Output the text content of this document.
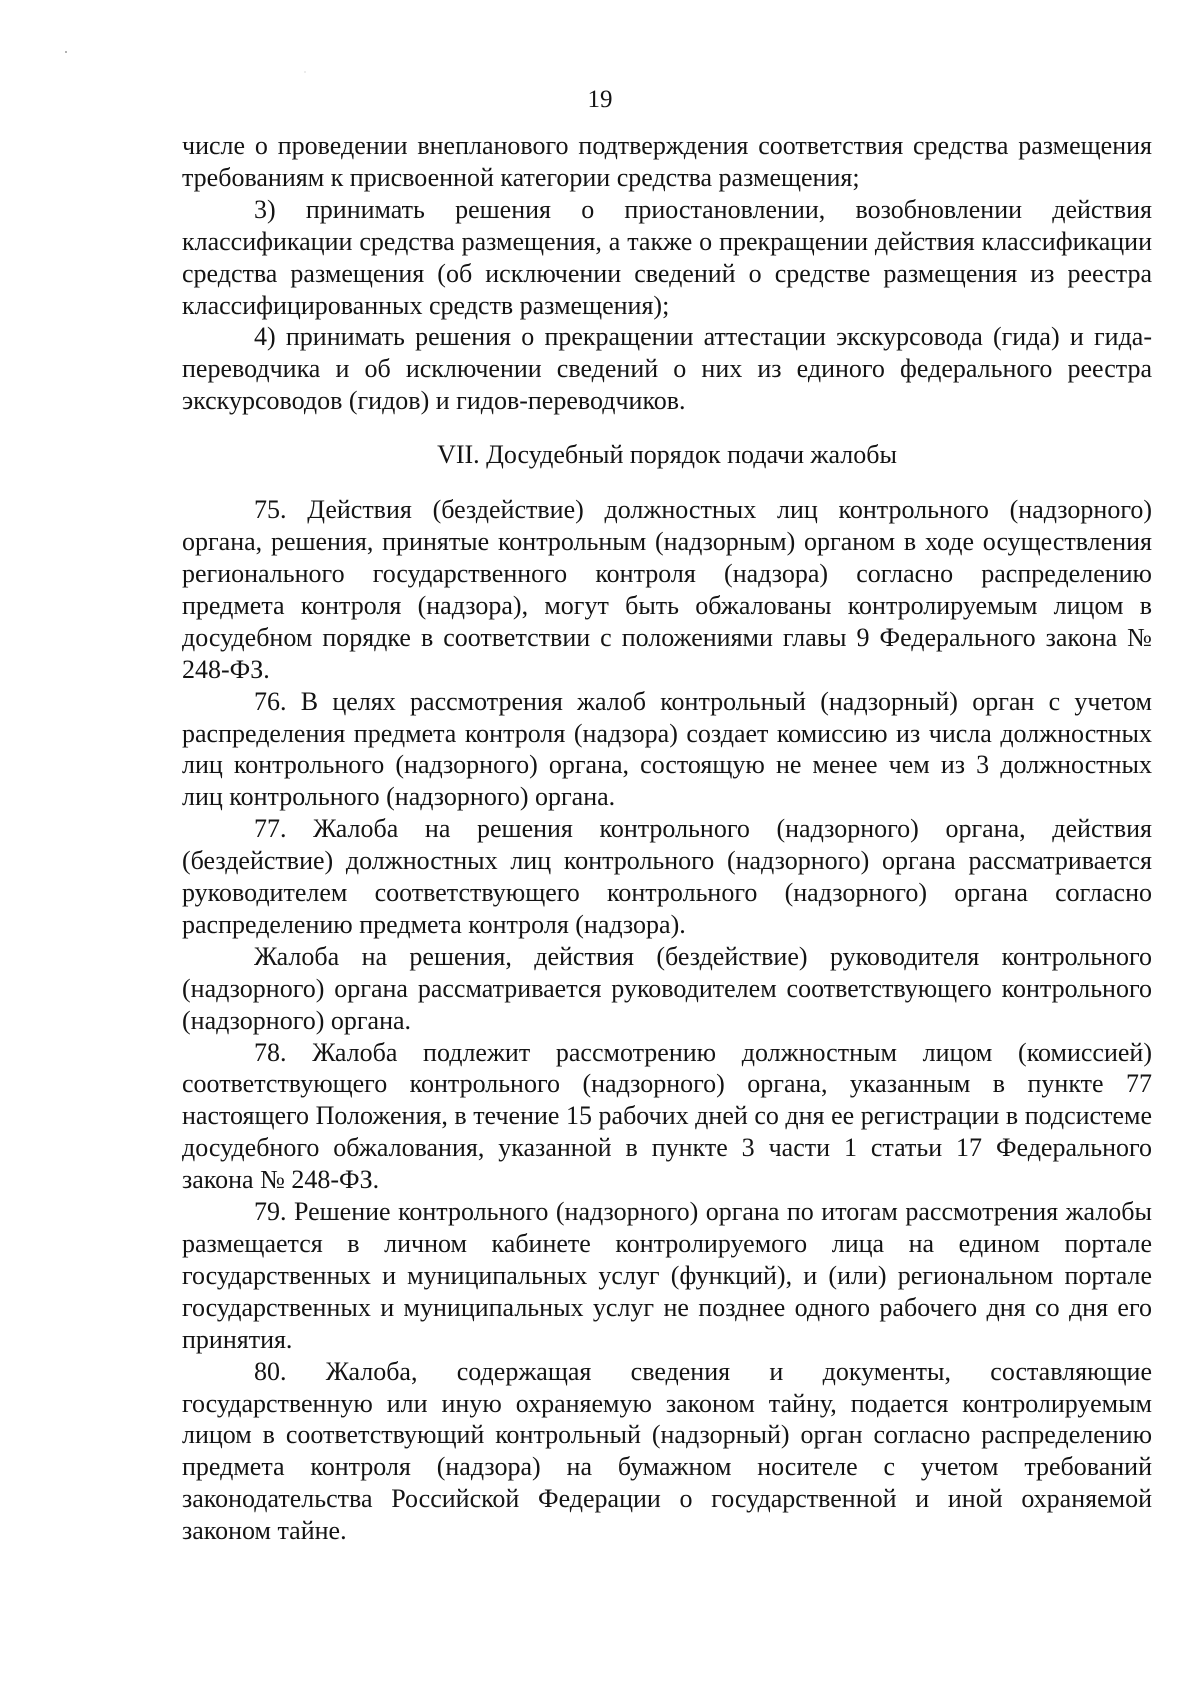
19

числе о проведении внепланового подтверждения соответствия средства размещения требованиям к присвоенной категории средства размещения;

3) принимать решения о приостановлении, возобновлении действия классификации средства размещения, а также о прекращении действия классификации средства размещения (об исключении сведений о средстве размещения из реестра классифицированных средств размещения);

4) принимать решения о прекращении аттестации экскурсовода (гида) и гида-переводчика и об исключении сведений о них из единого федерального реестра экскурсоводов (гидов) и гидов-переводчиков.

VII. Досудебный порядок подачи жалобы

75. Действия (бездействие) должностных лиц контрольного (надзорного) органа, решения, принятые контрольным (надзорным) органом в ходе осуществления регионального государственного контроля (надзора) согласно распределению предмета контроля (надзора), могут быть обжалованы контролируемым лицом в досудебном порядке в соответствии с положениями главы 9 Федерального закона № 248-ФЗ.

76. В целях рассмотрения жалоб контрольный (надзорный) орган с учетом распределения предмета контроля (надзора) создает комиссию из числа должностных лиц контрольного (надзорного) органа, состоящую не менее чем из 3 должностных лиц контрольного (надзорного) органа.

77. Жалоба на решения контрольного (надзорного) органа, действия (бездействие) должностных лиц контрольного (надзорного) органа рассматривается руководителем соответствующего контрольного (надзорного) органа согласно распределению предмета контроля (надзора).

Жалоба на решения, действия (бездействие) руководителя контрольного (надзорного) органа рассматривается руководителем соответствующего контрольного (надзорного) органа.

78. Жалоба подлежит рассмотрению должностным лицом (комиссией) соответствующего контрольного (надзорного) органа, указанным в пункте 77 настоящего Положения, в течение 15 рабочих дней со дня ее регистрации в подсистеме досудебного обжалования, указанной в пункте 3 части 1 статьи 17 Федерального закона № 248-ФЗ.

79. Решение контрольного (надзорного) органа по итогам рассмотрения жалобы размещается в личном кабинете контролируемого лица на едином портале государственных и муниципальных услуг (функций), и (или) региональном портале государственных и муниципальных услуг не позднее одного рабочего дня со дня его принятия.

80. Жалоба, содержащая сведения и документы, составляющие государственную или иную охраняемую законом тайну, подается контролируемым лицом в соответствующий контрольный (надзорный) орган согласно распределению предмета контроля (надзора) на бумажном носителе с учетом требований законодательства Российской Федерации о государственной и иной охраняемой законом тайне.
